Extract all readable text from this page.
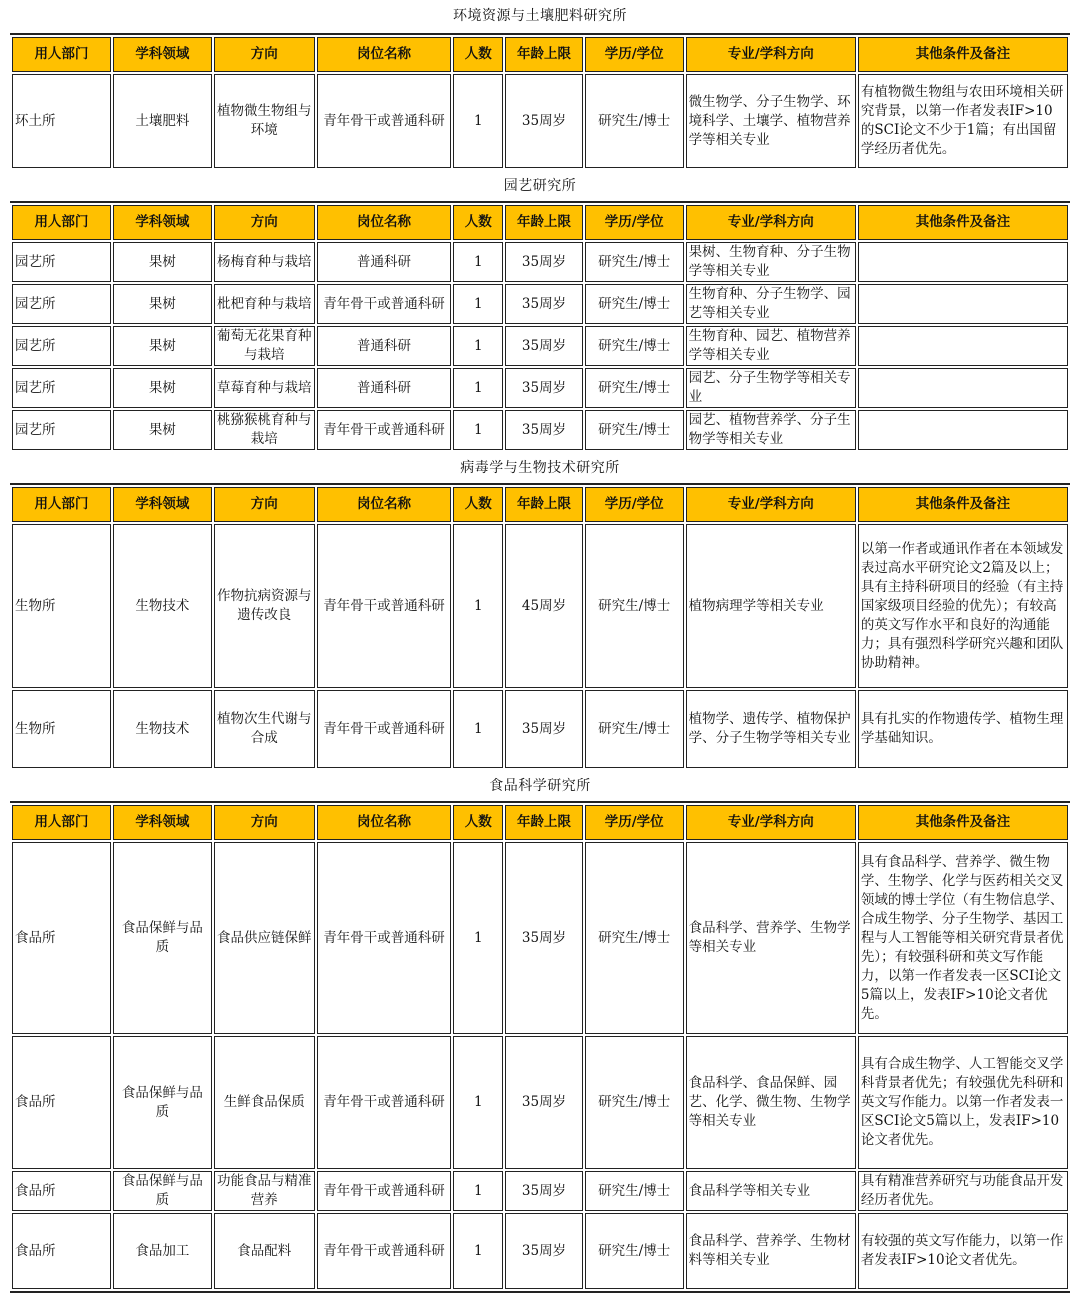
环境资源与土壤肥料研究所
用人部门	学科领域	方向	岗位名称	人数	年龄上限	学历/学位	专业/学科方向	其他条件及备注
环土所	土壤肥料	植物微生物组与环境	青年骨干或普通科研	1	35周岁	研究生/博士	微生物学、分子生物学、环境科学、土壤学、植物营养学等相关专业	有植物微生物组与农田环境相关研究背景，以第一作者发表IF>10的SCI论文不少于1篇；有出国留学经历者优先。
园艺研究所
用人部门	学科领域	方向	岗位名称	人数	年龄上限	学历/学位	专业/学科方向	其他条件及备注
园艺所	果树	杨梅育种与栽培	普通科研	1	35周岁	研究生/博士	果树、生物育种、分子生物学等相关专业	
园艺所	果树	枇杷育种与栽培	青年骨干或普通科研	1	35周岁	研究生/博士	生物育种、分子生物学、园艺等相关专业	
园艺所	果树	葡萄无花果育种与栽培	普通科研	1	35周岁	研究生/博士	生物育种、园艺、植物营养学等相关专业	
园艺所	果树	草莓育种与栽培	普通科研	1	35周岁	研究生/博士	园艺、分子生物学等相关专业	
园艺所	果树	桃猕猴桃育种与栽培	青年骨干或普通科研	1	35周岁	研究生/博士	园艺、植物营养学、分子生物学等相关专业	
病毒学与生物技术研究所
用人部门	学科领域	方向	岗位名称	人数	年龄上限	学历/学位	专业/学科方向	其他条件及备注
生物所	生物技术	作物抗病资源与遗传改良	青年骨干或普通科研	1	45周岁	研究生/博士	植物病理学等相关专业	以第一作者或通讯作者在本领域发表过高水平研究论文2篇及以上；具有主持科研项目的经验（有主持国家级项目经验的优先）；有较高的英文写作水平和良好的沟通能力；具有强烈科学研究兴趣和团队协助精神。
生物所	生物技术	植物次生代谢与合成	青年骨干或普通科研	1	35周岁	研究生/博士	植物学、遗传学、植物保护学、分子生物学等相关专业	具有扎实的作物遗传学、植物生理学基础知识。
食品科学研究所
用人部门	学科领域	方向	岗位名称	人数	年龄上限	学历/学位	专业/学科方向	其他条件及备注
食品所	食品保鲜与品质	食品供应链保鲜	青年骨干或普通科研	1	35周岁	研究生/博士	食品科学、营养学、生物学等相关专业	具有食品科学、营养学、微生物学、生物学、化学与医药相关交叉领域的博士学位（有生物信息学、合成生物学、分子生物学、基因工程与人工智能等相关研究背景者优先）；有较强科研和英文写作能力，以第一作者发表一区SCI论文5篇以上，发表IF>10论文者优先。
食品所	食品保鲜与品质	生鲜食品保质	青年骨干或普通科研	1	35周岁	研究生/博士	食品科学、食品保鲜、园艺、化学、微生物、生物学等相关专业	具有合成生物学、人工智能交叉学科背景者优先；有较强优先科研和英文写作能力。以第一作者发表一区SCI论文5篇以上，发表IF>10论文者优先。
食品所	食品保鲜与品质	功能食品与精准营养	青年骨干或普通科研	1	35周岁	研究生/博士	食品科学等相关专业	具有精准营养研究与功能食品开发经历者优先。
食品所	食品加工	食品配料	青年骨干或普通科研	1	35周岁	研究生/博士	食品科学、营养学、生物材料等相关专业	有较强的英文写作能力，以第一作者发表IF>10论文者优先。
